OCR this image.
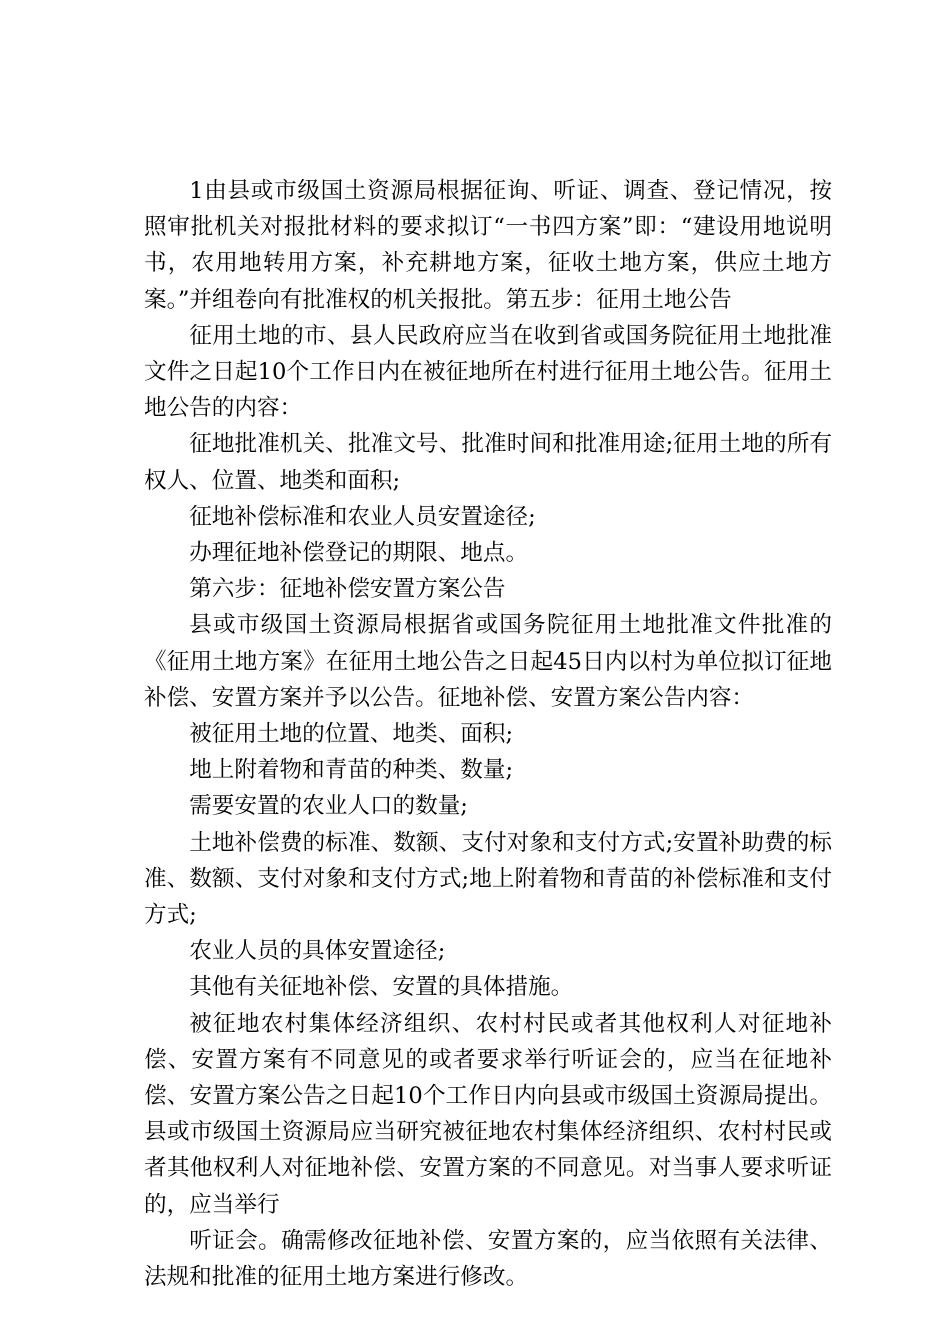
1由县或市级国土资源局根据征询、听证、调查、登记情况，按照审批机关对报批材料的要求拟订“一书四方案”即：“建设用地说明书，农用地转用方案，补充耕地方案，征收土地方案，供应土地方案。”并组卷向有批准权的机关报批。第五步：征用土地公告

征用土地的市、县人民政府应当在收到省或国务院征用土地批准文件之日起10个工作日内在被征地所在村进行征用土地公告。征用土地公告的内容：

征地批准机关、批准文号、批准时间和批准用途;征用土地的所有权人、位置、地类和面积;

征地补偿标准和农业人员安置途径;

办理征地补偿登记的期限、地点。

第六步：征地补偿安置方案公告

县或市级国土资源局根据省或国务院征用土地批准文件批准的《征用土地方案》在征用土地公告之日起45日内以村为单位拟订征地补偿、安置方案并予以公告。征地补偿、安置方案公告内容：

被征用土地的位置、地类、面积;

地上附着物和青苗的种类、数量;

需要安置的农业人口的数量;

土地补偿费的标准、数额、支付对象和支付方式;安置补助费的标准、数额、支付对象和支付方式;地上附着物和青苗的补偿标准和支付方式;

农业人员的具体安置途径;

其他有关征地补偿、安置的具体措施。

被征地农村集体经济组织、农村村民或者其他权利人对征地补偿、安置方案有不同意见的或者要求举行听证会的，应当在征地补偿、安置方案公告之日起10个工作日内向县或市级国土资源局提出。县或市级国土资源局应当研究被征地农村集体经济组织、农村村民或者其他权利人对征地补偿、安置方案的不同意见。对当事人要求听证的，应当举行

听证会。确需修改征地补偿、安置方案的，应当依照有关法律、法规和批准的征用土地方案进行修改。
